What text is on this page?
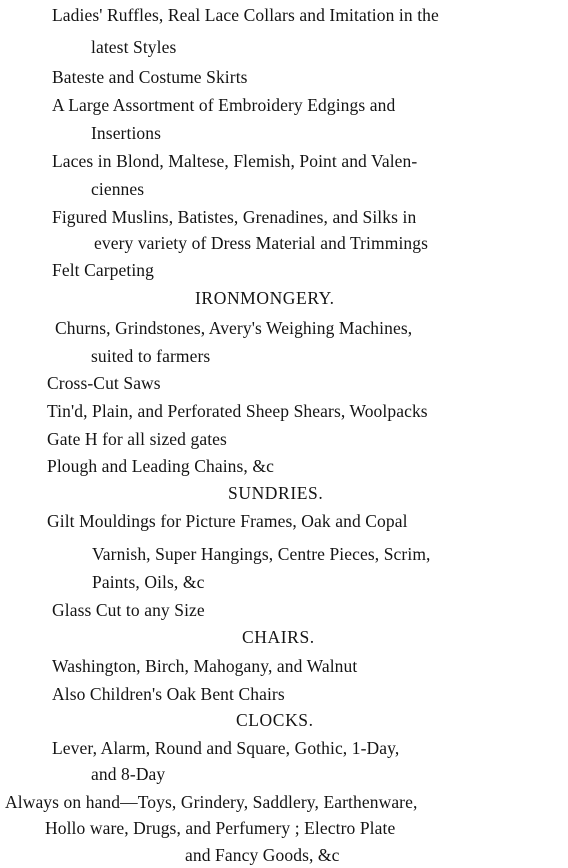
Ladies' Ruffles, Real Lace Collars and Imitation in the
latest Styles
Bateste and Costume Skirts
A Large Assortment of Embroidery Edgings and
Insertions
Laces in Blond, Maltese, Flemish, Point and Valen-
ciennes
Figured Muslins, Batistes, Grenadines, and Silks in
every variety of Dress Material and Trimmings
Felt Carpeting
IRONMONGERY.
Churns, Grindstones, Avery's Weighing Machines,
suited to farmers
Cross-Cut Saws
Tin'd, Plain, and Perforated Sheep Shears, Woolpacks
Gate H for all sized gates
Plough and Leading Chains, &c
SUNDRIES.
Gilt Mouldings for Picture Frames, Oak and Copal
Varnish, Super Hangings, Centre Pieces, Scrim,
Paints, Oils, &c
Glass Cut to any Size
CHAIRS.
Washington, Birch, Mahogany, and Walnut
Also Children's Oak Bent Chairs
CLOCKS.
Lever, Alarm, Round and Square, Gothic, 1-Day,
and 8-Day
Always on hand—Toys, Grindery, Saddlery, Earthenware,
Hollo ware, Drugs, and Perfumery ; Electro Plate
and Fancy Goods, &c
